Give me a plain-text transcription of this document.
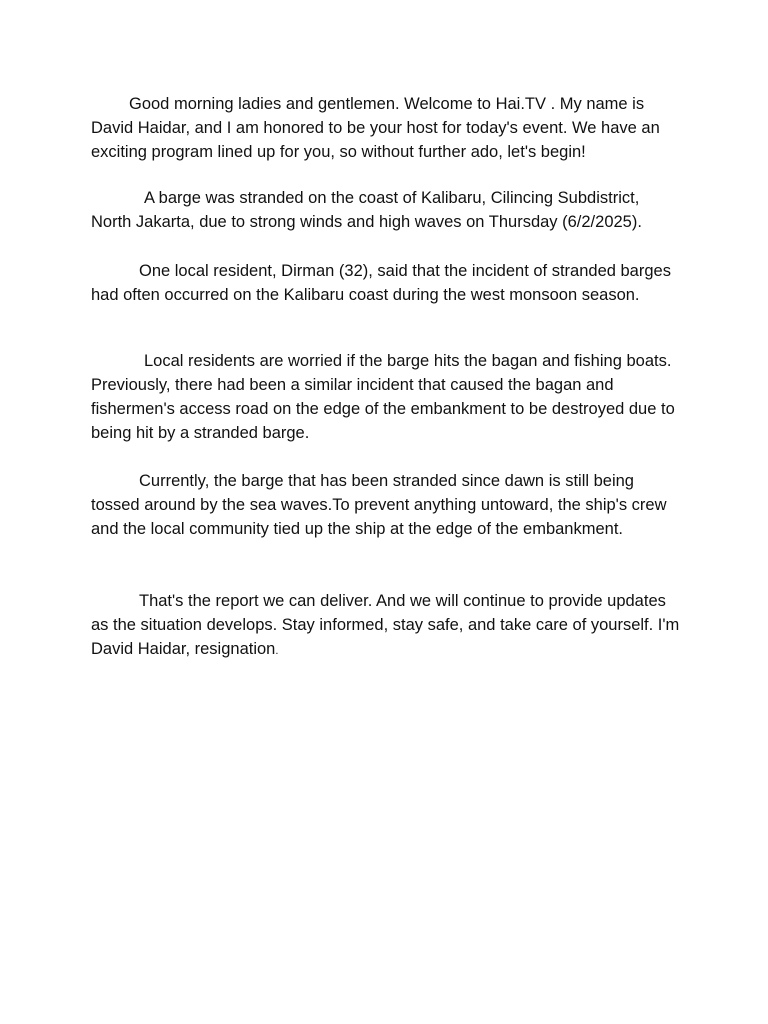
Good morning ladies and gentlemen. Welcome to Hai.TV . My name is David Haidar, and I am honored to be your host for today's event. We have an exciting program lined up for you, so without further ado, let's begin!

A barge was stranded on the coast of Kalibaru, Cilincing Subdistrict, North Jakarta, due to strong winds and high waves on Thursday (6/2/2025).

One local resident, Dirman (32), said that the incident of stranded barges had often occurred on the Kalibaru coast during the west monsoon season.

Local residents are worried if the barge hits the bagan and fishing boats. Previously, there had been a similar incident that caused the bagan and fishermen's access road on the edge of the embankment to be destroyed due to being hit by a stranded barge.

Currently, the barge that has been stranded since dawn is still being tossed around by the sea waves.To prevent anything untoward, the ship's crew and the local community tied up the ship at the edge of the embankment.

That's the report we can deliver. And we will continue to provide updates as the situation develops. Stay informed, stay safe, and take care of yourself. I'm David Haidar, resignation.
